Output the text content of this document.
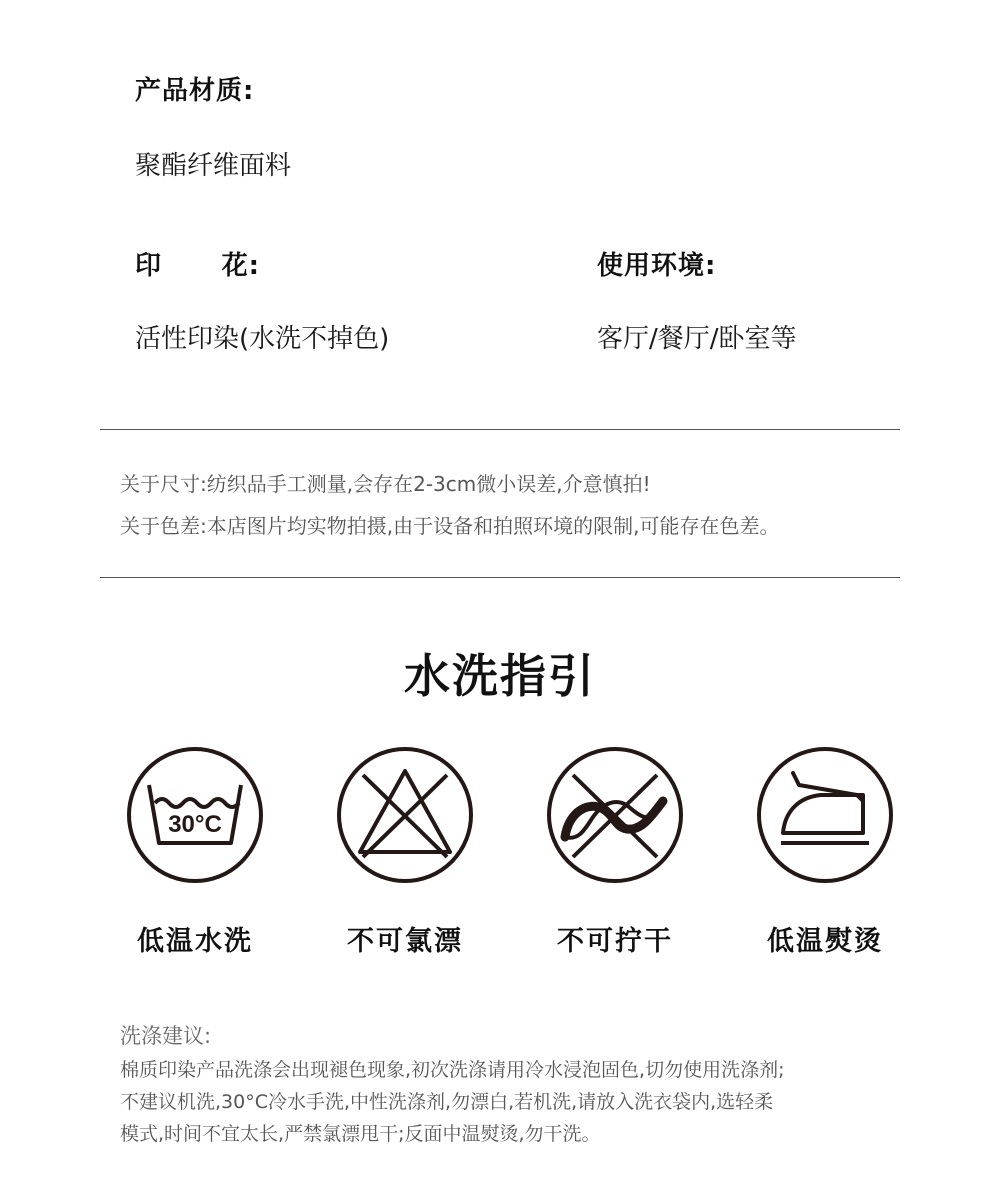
产品材质:
聚酯纤维面料
印 花:
活性印染(水洗不掉色)
使用环境:
客厅/餐厅/卧室等
关于尺寸:纺织品手工测量,会存在2-3cm微小误差,介意慎拍!
关于色差:本店图片均实物拍摄,由于设备和拍照环境的限制,可能存在色差。
水洗指引
30°C
低温水洗	不可氯漂	不可拧干	低温熨烫
洗涤建议:
棉质印染产品洗涤会出现褪色现象,初次洗涤请用冷水浸泡固色,切勿使用洗涤剂;
不建议机洗,30°C冷水手洗,中性洗涤剂,勿漂白,若机洗,请放入洗衣袋内,选轻柔
模式,时间不宜太长,严禁氯漂甩干;反面中温熨烫,勿干洗。
